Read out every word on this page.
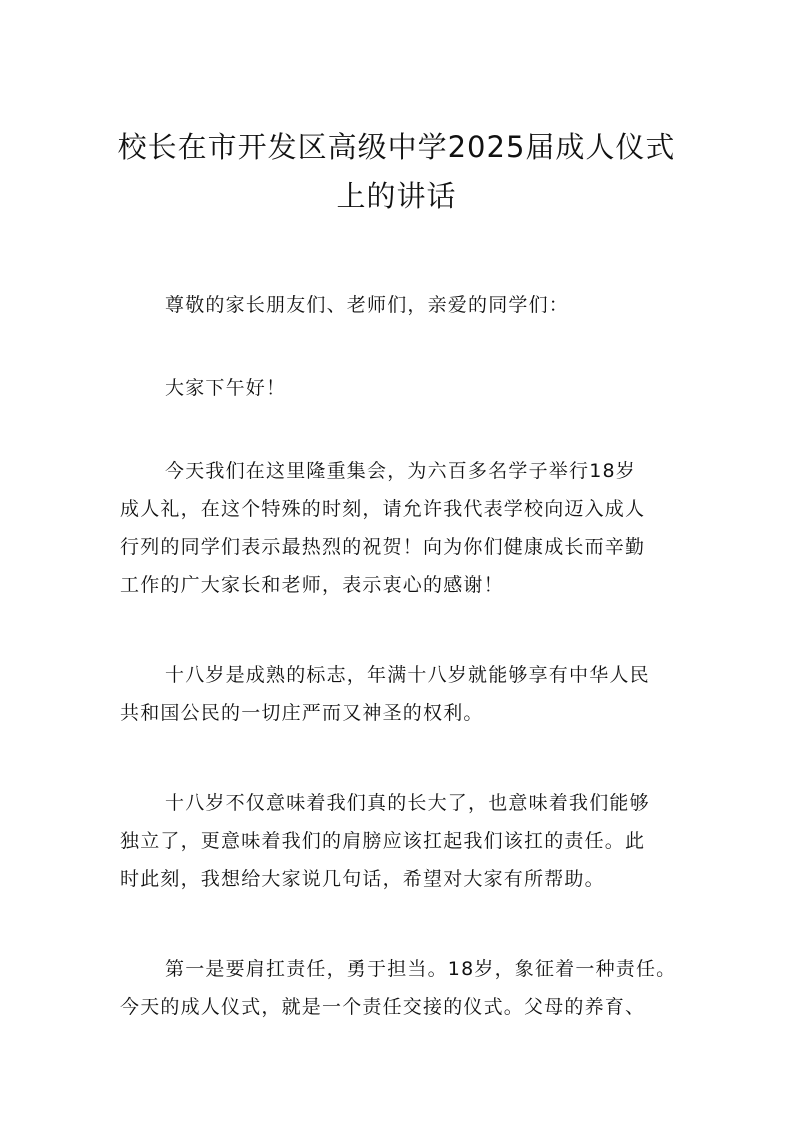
校长在市开发区高级中学2025届成人仪式
上的讲话

尊敬的家长朋友们、老师们，亲爱的同学们：

大家下午好！

今天我们在这里隆重集会，为六百多名学子举行18岁
成人礼，在这个特殊的时刻，请允许我代表学校向迈入成人
行列的同学们表示最热烈的祝贺！向为你们健康成长而辛勤
工作的广大家长和老师，表示衷心的感谢！

十八岁是成熟的标志，年满十八岁就能够享有中华人民
共和国公民的一切庄严而又神圣的权利。

十八岁不仅意味着我们真的长大了，也意味着我们能够
独立了，更意味着我们的肩膀应该扛起我们该扛的责任。此
时此刻，我想给大家说几句话，希望对大家有所帮助。

第一是要肩扛责任，勇于担当。18岁，象征着一种责任。
今天的成人仪式，就是一个责任交接的仪式。父母的养育、
